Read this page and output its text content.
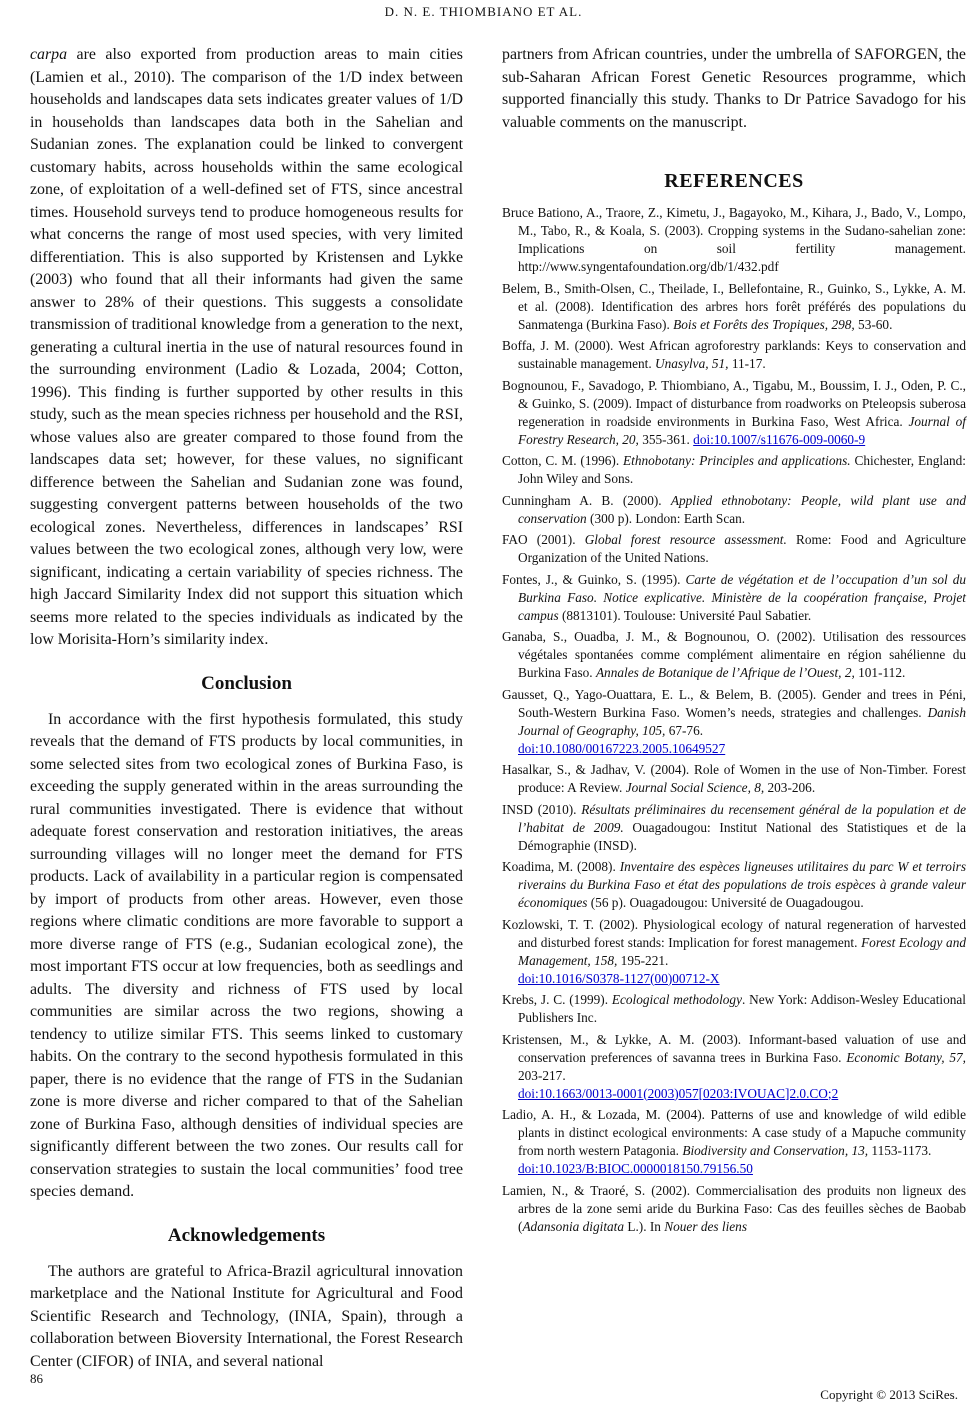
D. N. E. THIOMBIANO ET AL.

carpa are also exported from production areas to main cities (Lamien et al., 2010). The comparison of the 1/D index between households and landscapes data sets indicates greater values of 1/D in households than landscapes data both in the Sahelian and Sudanian zones. The explanation could be linked to convergent customary habits, across households within the same ecological zone, of exploitation of a well-defined set of FTS, since ancestral times. Household surveys tend to produce homogeneous results for what concerns the range of most used species, with very limited differentiation. This is also supported by Kristensen and Lykke (2003) who found that all their informants had given the same answer to 28% of their questions. This suggests a consolidate transmission of traditional knowledge from a generation to the next, generating a cultural inertia in the use of natural resources found in the surrounding environment (Ladio & Lozada, 2004; Cotton, 1996). This finding is further supported by other results in this study, such as the mean species richness per household and the RSI, whose values also are greater compared to those found from the landscapes data set; however, for these values, no significant difference between the Sahelian and Sudanian zone was found, suggesting convergent patterns between households of the two ecological zones. Nevertheless, differences in landscapes’ RSI values between the two ecological zones, although very low, were significant, indicating a certain variability of species richness. The high Jaccard Similarity Index did not support this situation which seems more related to the species individuals as indicated by the low Morisita-Horn’s similarity index.

Conclusion

In accordance with the first hypothesis formulated, this study reveals that the demand of FTS products by local communities, in some selected sites from two ecological zones of Burkina Faso, is exceeding the supply generated within in the areas surrounding the rural communities investigated. There is evidence that without adequate forest conservation and restoration initiatives, the areas surrounding villages will no longer meet the demand for FTS products. Lack of availability in a particular region is compensated by import of products from other areas. However, even those regions where climatic conditions are more favorable to support a more diverse range of FTS (e.g., Sudanian ecological zone), the most important FTS occur at low frequencies, both as seedlings and adults. The diversity and richness of FTS used by local communities are similar across the two regions, showing a tendency to utilize similar FTS. This seems linked to customary habits. On the contrary to the second hypothesis formulated in this paper, there is no evidence that the range of FTS in the Sudanian zone is more diverse and richer compared to that of the Sahelian zone of Burkina Faso, although densities of individual species are significantly different between the two zones. Our results call for conservation strategies to sustain the local communities’ food tree species demand.

Acknowledgements

The authors are grateful to Africa-Brazil agricultural innovation marketplace and the National Institute for Agricultural and Food Scientific Research and Technology, (INIA, Spain), through a collaboration between Bioversity International, the Forest Research Center (CIFOR) of INIA, and several national

partners from African countries, under the umbrella of SAFORGEN, the sub-Saharan African Forest Genetic Resources programme, which supported financially this study. Thanks to Dr Patrice Savadogo for his valuable comments on the manuscript.

REFERENCES

Bruce Bationo, A., Traore, Z., Kimetu, J., Bagayoko, M., Kihara, J., Bado, V., Lompo, M., Tabo, R., & Koala, S. (2003). Cropping systems in the Sudano-sahelian zone: Implications on soil fertility management. http://www.syngentafoundation.org/db/1/432.pdf

Belem, B., Smith-Olsen, C., Theilade, I., Bellefontaine, R., Guinko, S., Lykke, A. M. et al. (2008). Identification des arbres hors forêt préférés des populations du Sanmatenga (Burkina Faso). Bois et Forêts des Tropiques, 298, 53-60.

Boffa, J. M. (2000). West African agroforestry parklands: Keys to conservation and sustainable management. Unasylva, 51, 11-17.

Bognounou, F., Savadogo, P. Thiombiano, A., Tigabu, M., Boussim, I. J., Oden, P. C., & Guinko, S. (2009). Impact of disturbance from roadworks on Pteleopsis suberosa regeneration in roadside environments in Burkina Faso, West Africa. Journal of Forestry Research, 20, 355-361. doi:10.1007/s11676-009-0060-9

Cotton, C. M. (1996). Ethnobotany: Principles and applications. Chichester, England: John Wiley and Sons.

Cunningham A. B. (2000). Applied ethnobotany: People, wild plant use and conservation (300 p). London: Earth Scan.

FAO (2001). Global forest resource assessment. Rome: Food and Agriculture Organization of the United Nations.

Fontes, J., & Guinko, S. (1995). Carte de végétation et de l’occupation d’un sol du Burkina Faso. Notice explicative. Ministère de la coopération française, Projet campus (8813101). Toulouse: Université Paul Sabatier.

Ganaba, S., Ouadba, J. M., & Bognounou, O. (2002). Utilisation des ressources végétales spontanées comme complément alimentaire en région sahélienne du Burkina Faso. Annales de Botanique de l’Afrique de l’Ouest, 2, 101-112.

Gausset, Q., Yago-Ouattara, E. L., & Belem, B. (2005). Gender and trees in Péni, South-Western Burkina Faso. Women’s needs, strategies and challenges. Danish Journal of Geography, 105, 67-76.
doi:10.1080/00167223.2005.10649527

Hasalkar, S., & Jadhav, V. (2004). Role of Women in the use of Non-Timber. Forest produce: A Review. Journal Social Science, 8, 203-206.

INSD (2010). Résultats préliminaires du recensement général de la population et de l’habitat de 2009. Ouagadougou: Institut National des Statistiques et de la Démographie (INSD).

Koadima, M. (2008). Inventaire des espèces ligneuses utilitaires du parc W et terroirs riverains du Burkina Faso et état des populations de trois espèces à grande valeur économiques (56 p). Ouagadougou: Université de Ouagadougou.

Kozlowski, T. T. (2002). Physiological ecology of natural regeneration of harvested and disturbed forest stands: Implication for forest management. Forest Ecology and Management, 158, 195-221.
doi:10.1016/S0378-1127(00)00712-X

Krebs, J. C. (1999). Ecological methodology. New York: Addison-Wesley Educational Publishers Inc.

Kristensen, M., & Lykke, A. M. (2003). Informant-based valuation of use and conservation preferences of savanna trees in Burkina Faso. Economic Botany, 57, 203-217.
doi:10.1663/0013-0001(2003)057[0203:IVOUAC]2.0.CO;2

Ladio, A. H., & Lozada, M. (2004). Patterns of use and knowledge of wild edible plants in distinct ecological environments: A case study of a Mapuche community from north western Patagonia. Biodiversity and Conservation, 13, 1153-1173.
doi:10.1023/B:BIOC.0000018150.79156.50

Lamien, N., & Traoré, S. (2002). Commercialisation des produits non ligneux des arbres de la zone semi aride du Burkina Faso: Cas des feuilles sèches de Baobab (Adansonia digitata L.). In Nouer des liens

86
Copyright © 2013 SciRes.
